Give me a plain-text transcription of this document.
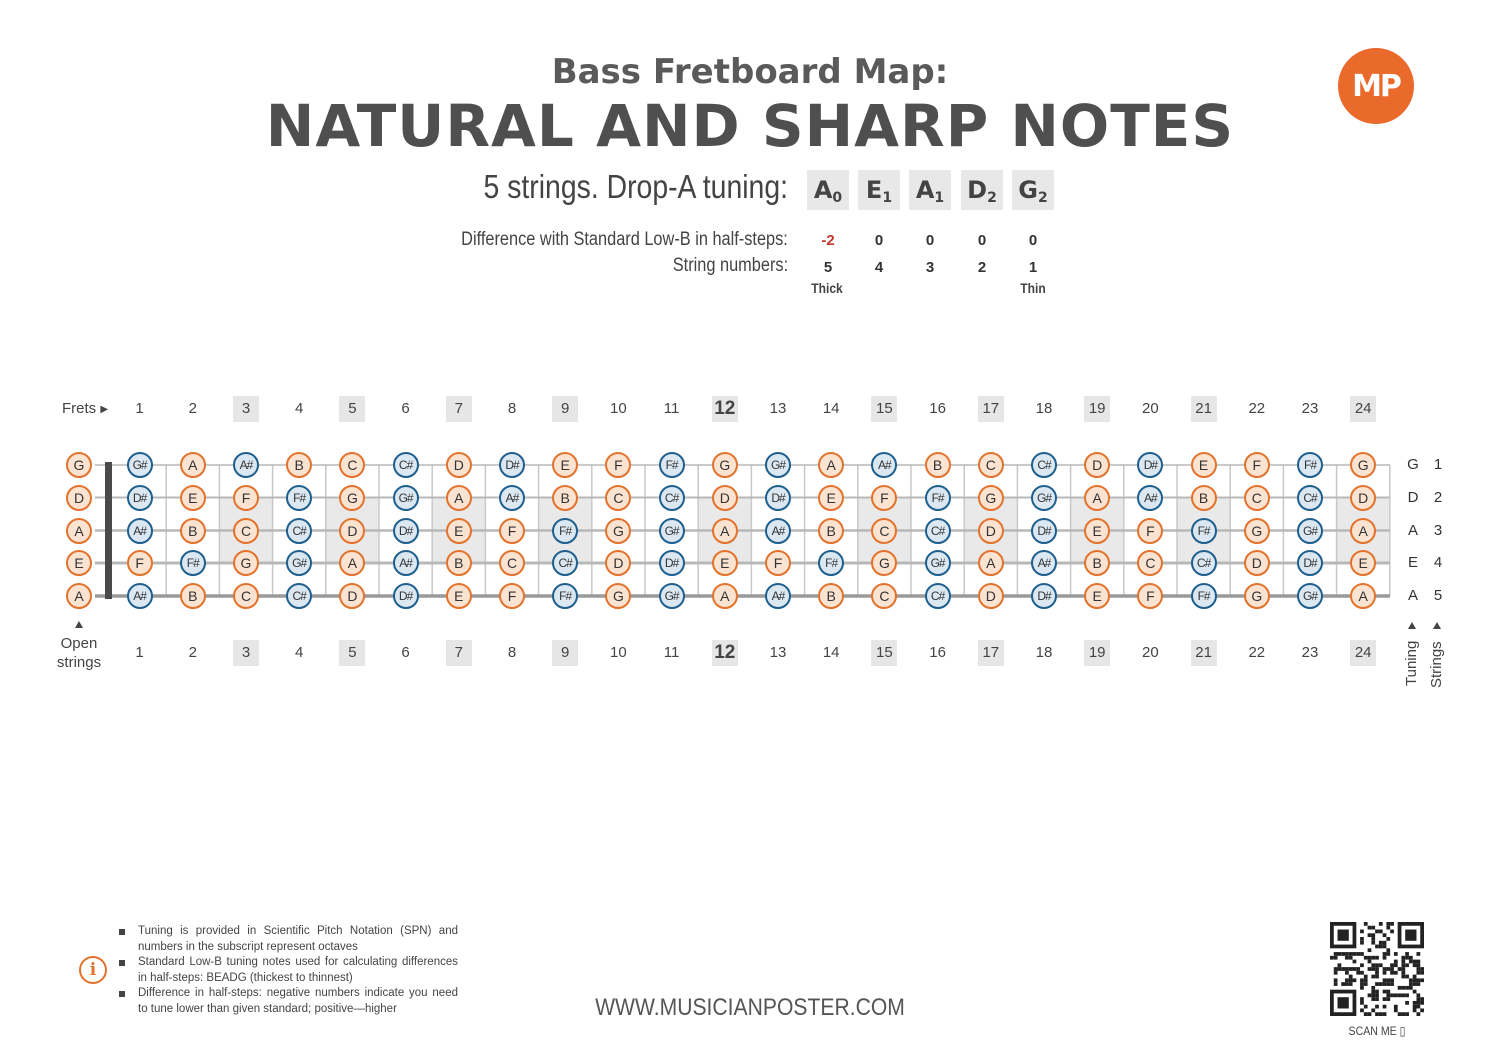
Bass Fretboard Map:
NATURAL AND SHARP NOTES
MP
5 strings. Drop-A tuning: $A_0$ $E_1$ $A_1$ $D_2$ $G_2$
Difference with Standard Low-B in half-steps:
String numbers:
-2	0	0	0	0
5	4	3	2	1
Thick	Thin
Frets ▶	1	2	3	4	5	6	7	8	9	10	11 12	13	14	15	16	17	18	19	20	21	22	23	24
1	2	3	4	5	6	7	8	9	10	11 12	13	14	15	16	17	18	19	20	21	22	23	24
G	G#	A	A#	B	C	C#	D	D#	E	F	F#	G	G#	A	A#	B	C	C#	D	D#	E	F	F#	G	G	1
D	D#	E	F	F#	G	G#	A	A#	B	C	C#	D	D#	E	F	F#	G	G#	A	A#	B	C	C#	D	D	2
A	A#	B	C	C#	D	D#	E	F	F#	G	G#	A	A#	B	C	C#	D	D#	E	F	F#	G	G#	A	A	3
E	F	F#	G	G#	A	A#	B	C	C#	D	D#	E	F	F#	G	G#	A	A#	B	C	C#	D	D#	E	E	4
A	A#	B	C	C#	D	D#	E	F	F#	G	G#	A	A#	B	C	C#	D	D#	E	F	F#	G	G#	A	A	5
Open strings	Tuning Strings
i
Tuning is provided in Scientific Pitch Notation (SPN) and numbers in the subscript represent octaves
Standard Low-B tuning notes used for calculating differences in half-steps: BEADG (thickest to thinnest)
Difference in half-steps: negative numbers indicate you need to tune lower than given standard; positive—higher	WWW.MUSICIANPOSTER.COM
SCAN ME ▯
